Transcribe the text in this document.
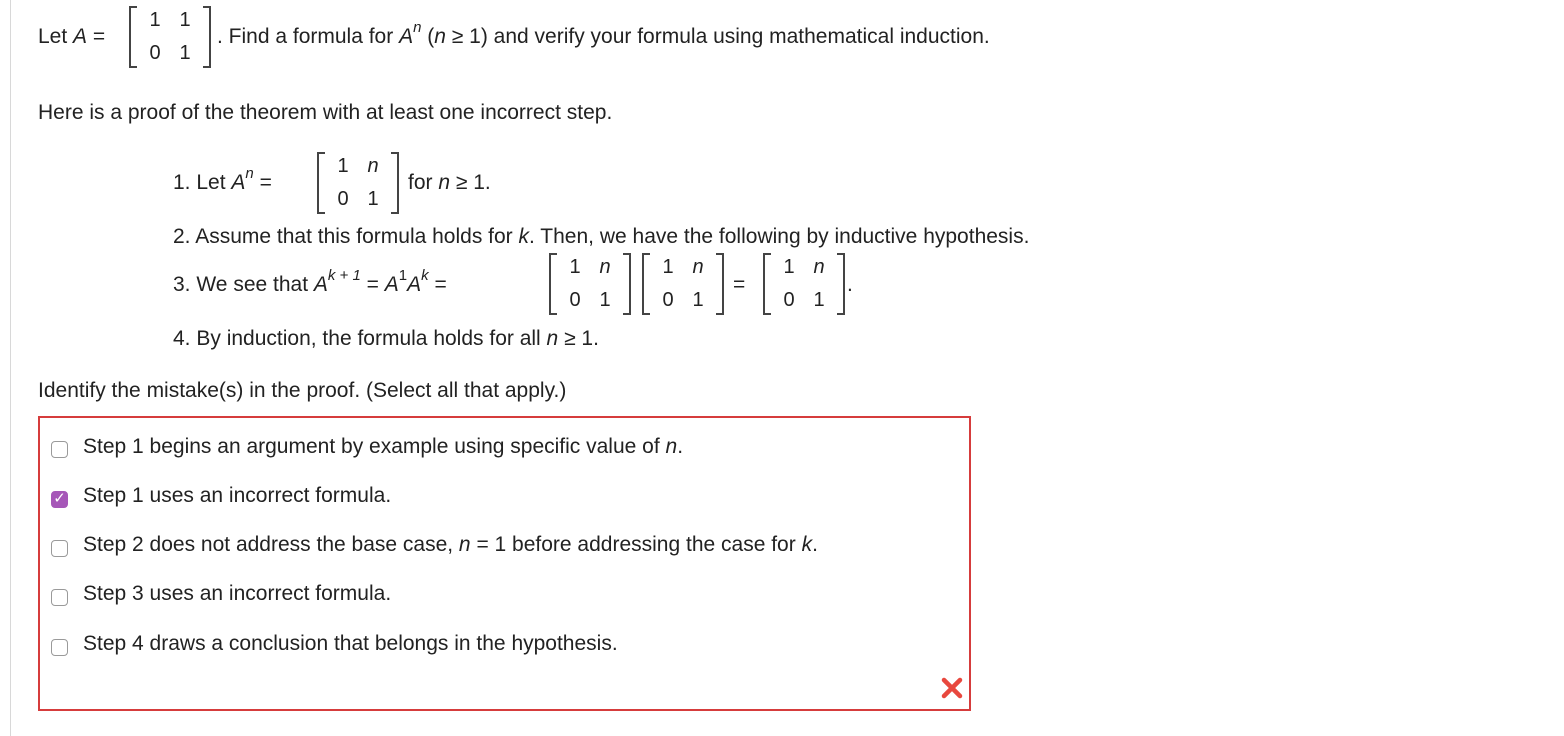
Let A =
1 1
0 1
. Find a formula for $A^n$ (n ≥ 1) and verify your formula using mathematical induction.
Here is a proof of the theorem with at least one incorrect step.
1. Let $A^n$ =
1 n
0 1
for n ≥ 1.
2. Assume that this formula holds for k. Then, we have the following by inductive hypothesis.
3. We see that $A^{k + 1} = A^1A^k$ =
1 n
0 1
1 n
0 1
=
1 n
0 1
.
4. By induction, the formula holds for all n ≥ 1.
Identify the mistake(s) in the proof. (Select all that apply.)
Step 1 begins an argument by example using specific value of n.
✓ Step 1 uses an incorrect formula.
Step 2 does not address the base case, n = 1 before addressing the case for k.
Step 3 uses an incorrect formula.
Step 4 draws a conclusion that belongs in the hypothesis.
